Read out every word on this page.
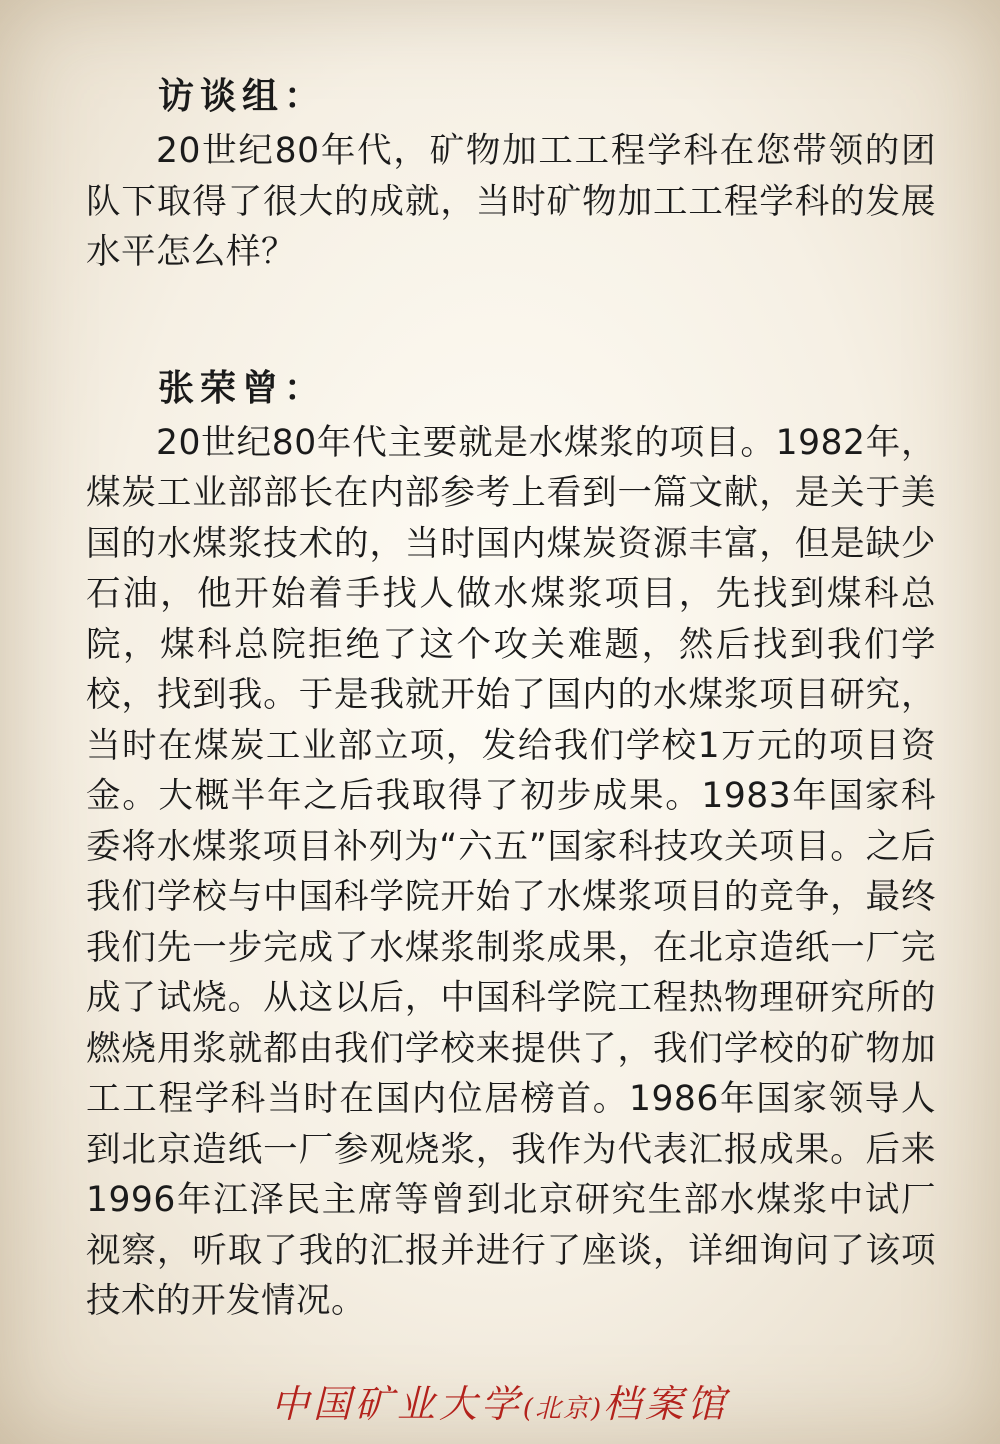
访谈组：

20世纪80年代，矿物加工工程学科在您带领的团队下取得了很大的成就，当时矿物加工工程学科的发展水平怎么样？

张荣曾：

20世纪80年代主要就是水煤浆的项目。1982年，煤炭工业部部长在内部参考上看到一篇文献，是关于美国的水煤浆技术的，当时国内煤炭资源丰富，但是缺少石油，他开始着手找人做水煤浆项目，先找到煤科总院，煤科总院拒绝了这个攻关难题，然后找到我们学校，找到我。于是我就开始了国内的水煤浆项目研究，当时在煤炭工业部立项，发给我们学校1万元的项目资金。大概半年之后我取得了初步成果。1983年国家科委将水煤浆项目补列为“六五”国家科技攻关项目。之后我们学校与中国科学院开始了水煤浆项目的竞争，最终我们先一步完成了水煤浆制浆成果，在北京造纸一厂完成了试烧。从这以后，中国科学院工程热物理研究所的燃烧用浆就都由我们学校来提供了，我们学校的矿物加工工程学科当时在国内位居榜首。1986年国家领导人到北京造纸一厂参观烧浆，我作为代表汇报成果。后来1996年江泽民主席等曾到北京研究生部水煤浆中试厂视察，听取了我的汇报并进行了座谈，详细询问了该项技术的开发情况。

中国矿业大学(北京)档案馆
